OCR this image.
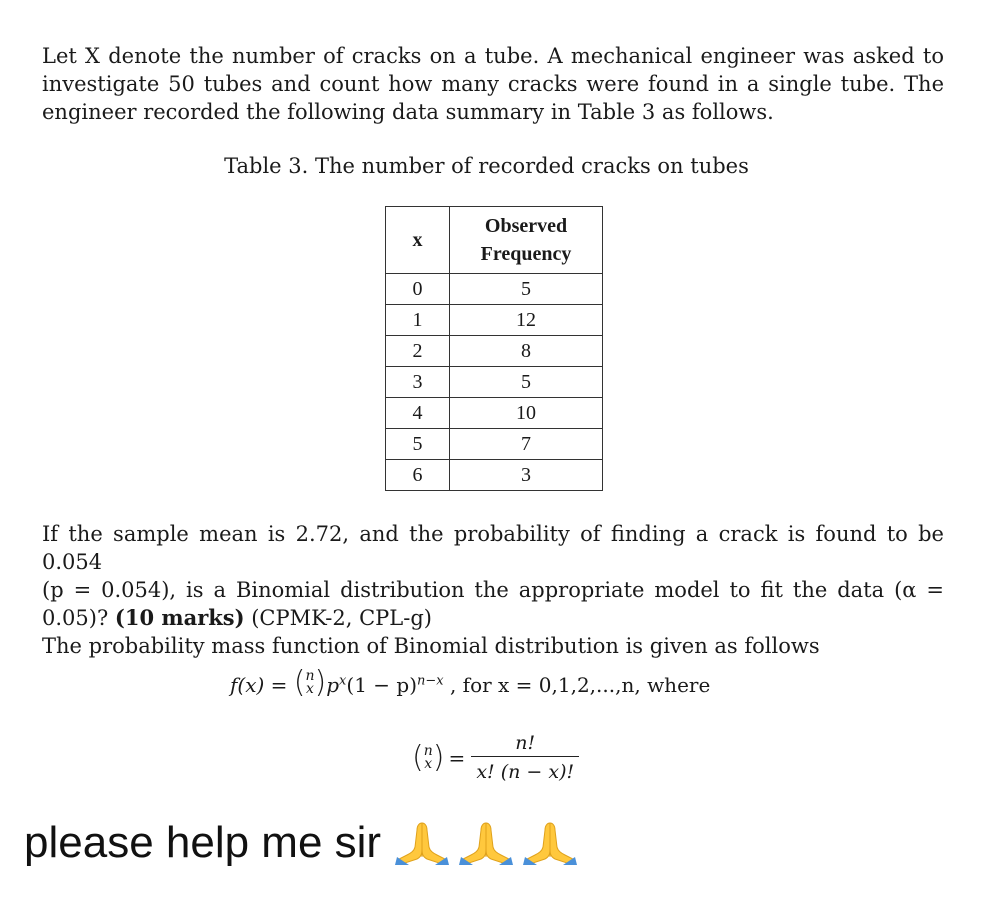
Let X denote the number of cracks on a tube. A mechanical engineer was asked to
investigate 50 tubes and count how many cracks were found in a single tube. The
engineer recorded the following data summary in Table 3 as follows.
Table 3. The number of recorded cracks on tubes
x	Observed
Frequency
0	5
1	12
2	8
3	5
4	10
5	7
6	3
If the sample mean is 2.72, and the probability of finding a crack is found to be 0.054
(p = 0.054), is a Binomial distribution the appropriate model to fit the data (α =
0.05)? (10 marks) (CPMK-2, CPL-g)
The probability mass function of Binomial distribution is given as follows
f(x) = ( n
x ) $p^x(1 - p)^{n-x}$ , for x = 0,1,2,...,n, where
( n
x ) = $\frac{n!}{x! (n - x)!}$
please help me sir
